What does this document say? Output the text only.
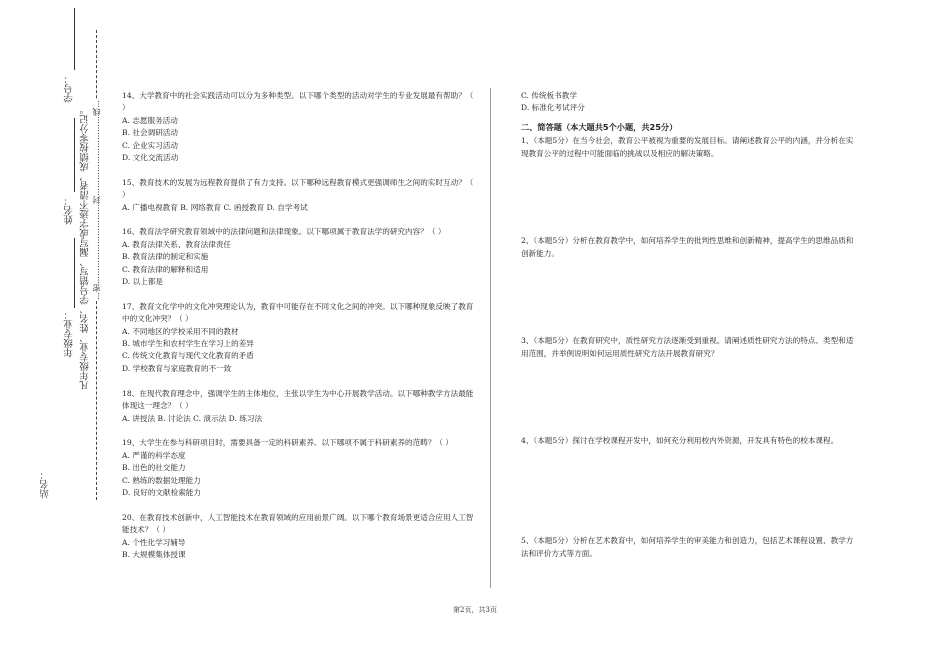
学号：
姓名：
年级专业：
站名：
凡年级专业、姓名、学号错写、漏写或字迹不清者，成绩按零分记。 …密…………………………封…………………………线…
14、大学教育中的社会实践活动可以分为多种类型。以下哪个类型的活动对学生的专业发展最有帮助？（ ）
A. 志愿服务活动
B. 社会调研活动
C. 企业实习活动
D. 文化交流活动
15、教育技术的发展为远程教育提供了有力支持。以下哪种远程教育模式更强调师生之间的实时互动？（ ）
A. 广播电视教育 B. 网络教育 C. 函授教育 D. 自学考试
16、教育法学研究教育领域中的法律问题和法律现象。以下哪项属于教育法学的研究内容？（ ）
A. 教育法律关系、教育法律责任
B. 教育法律的制定和实施
C. 教育法律的解释和适用
D. 以上都是
17、教育文化学中的文化冲突理论认为，教育中可能存在不同文化之间的冲突。以下哪种现象反映了教育中的文化冲突？（ ）
A. 不同地区的学校采用不同的教材
B. 城市学生和农村学生在学习上的差异
C. 传统文化教育与现代文化教育的矛盾
D. 学校教育与家庭教育的不一致
18、在现代教育理念中，强调学生的主体地位，主张以学生为中心开展教学活动。以下哪种教学方法最能体现这一理念？（ ）
A. 讲授法 B. 讨论法 C. 演示法 D. 练习法
19、大学生在参与科研项目时，需要具备一定的科研素养。以下哪项不属于科研素养的范畴？（ ）
A. 严谨的科学态度
B. 出色的社交能力
C. 熟练的数据处理能力
D. 良好的文献检索能力
20、在教育技术创新中，人工智能技术在教育领域的应用前景广阔。以下哪个教育场景更适合应用人工智能技术？（ ）
A. 个性化学习辅导
B. 大规模集体授课
C. 传统板书教学
D. 标准化考试评分
二、简答题（本大题共5个小题，共25分）
1、（本题5分）在当今社会，教育公平被视为重要的发展目标。请阐述教育公平的内涵，并分析在实现教育公平的过程中可能面临的挑战以及相应的解决策略。
2、（本题5分）分析在教育教学中，如何培养学生的批判性思维和创新精神，提高学生的思维品质和创新能力。
3、（本题5分）在教育研究中，质性研究方法逐渐受到重视。请阐述质性研究方法的特点、类型和适用范围，并举例说明如何运用质性研究方法开展教育研究？
4、（本题5分）探讨在学校课程开发中，如何充分利用校内外资源，开发具有特色的校本课程。
5、（本题5分）分析在艺术教育中，如何培养学生的审美能力和创造力，包括艺术课程设置、教学方法和评价方式等方面。
第2页，共3页
